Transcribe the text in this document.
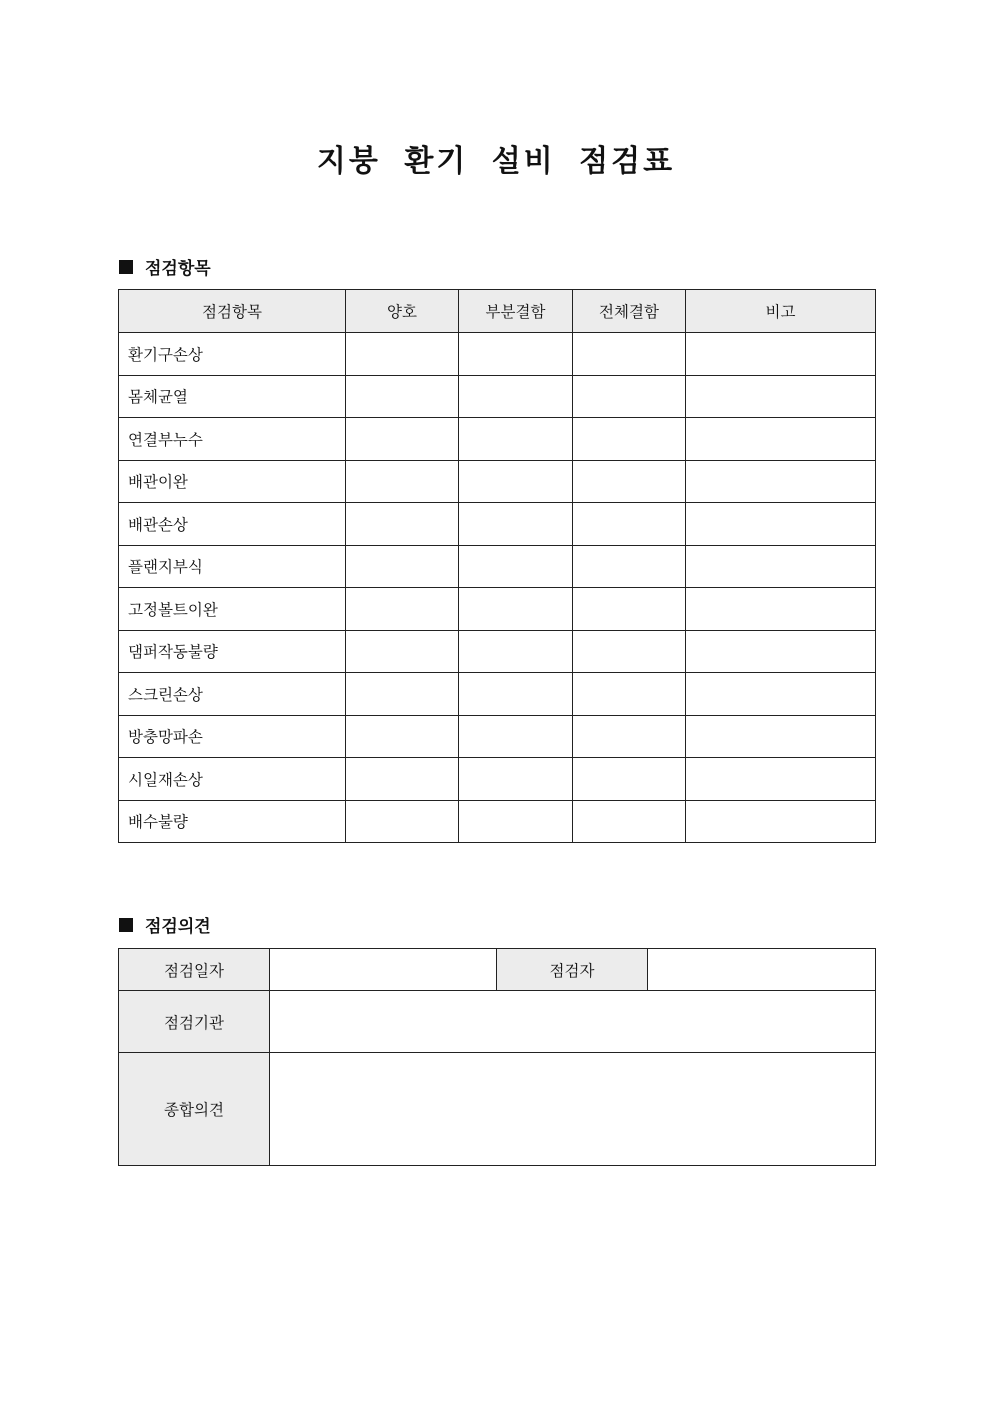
지붕 환기 설비 점검표
점검항목
점검항목	양호	부분결함	전체결함	비고
환기구손상				
몸체균열				
연결부누수				
배관이완				
배관손상				
플랜지부식				
고정볼트이완				
댐퍼작동불량				
스크린손상				
방충망파손				
시일재손상				
배수불량				
점검의견
점검일자		점검자	
점검기관			
종합의견			
